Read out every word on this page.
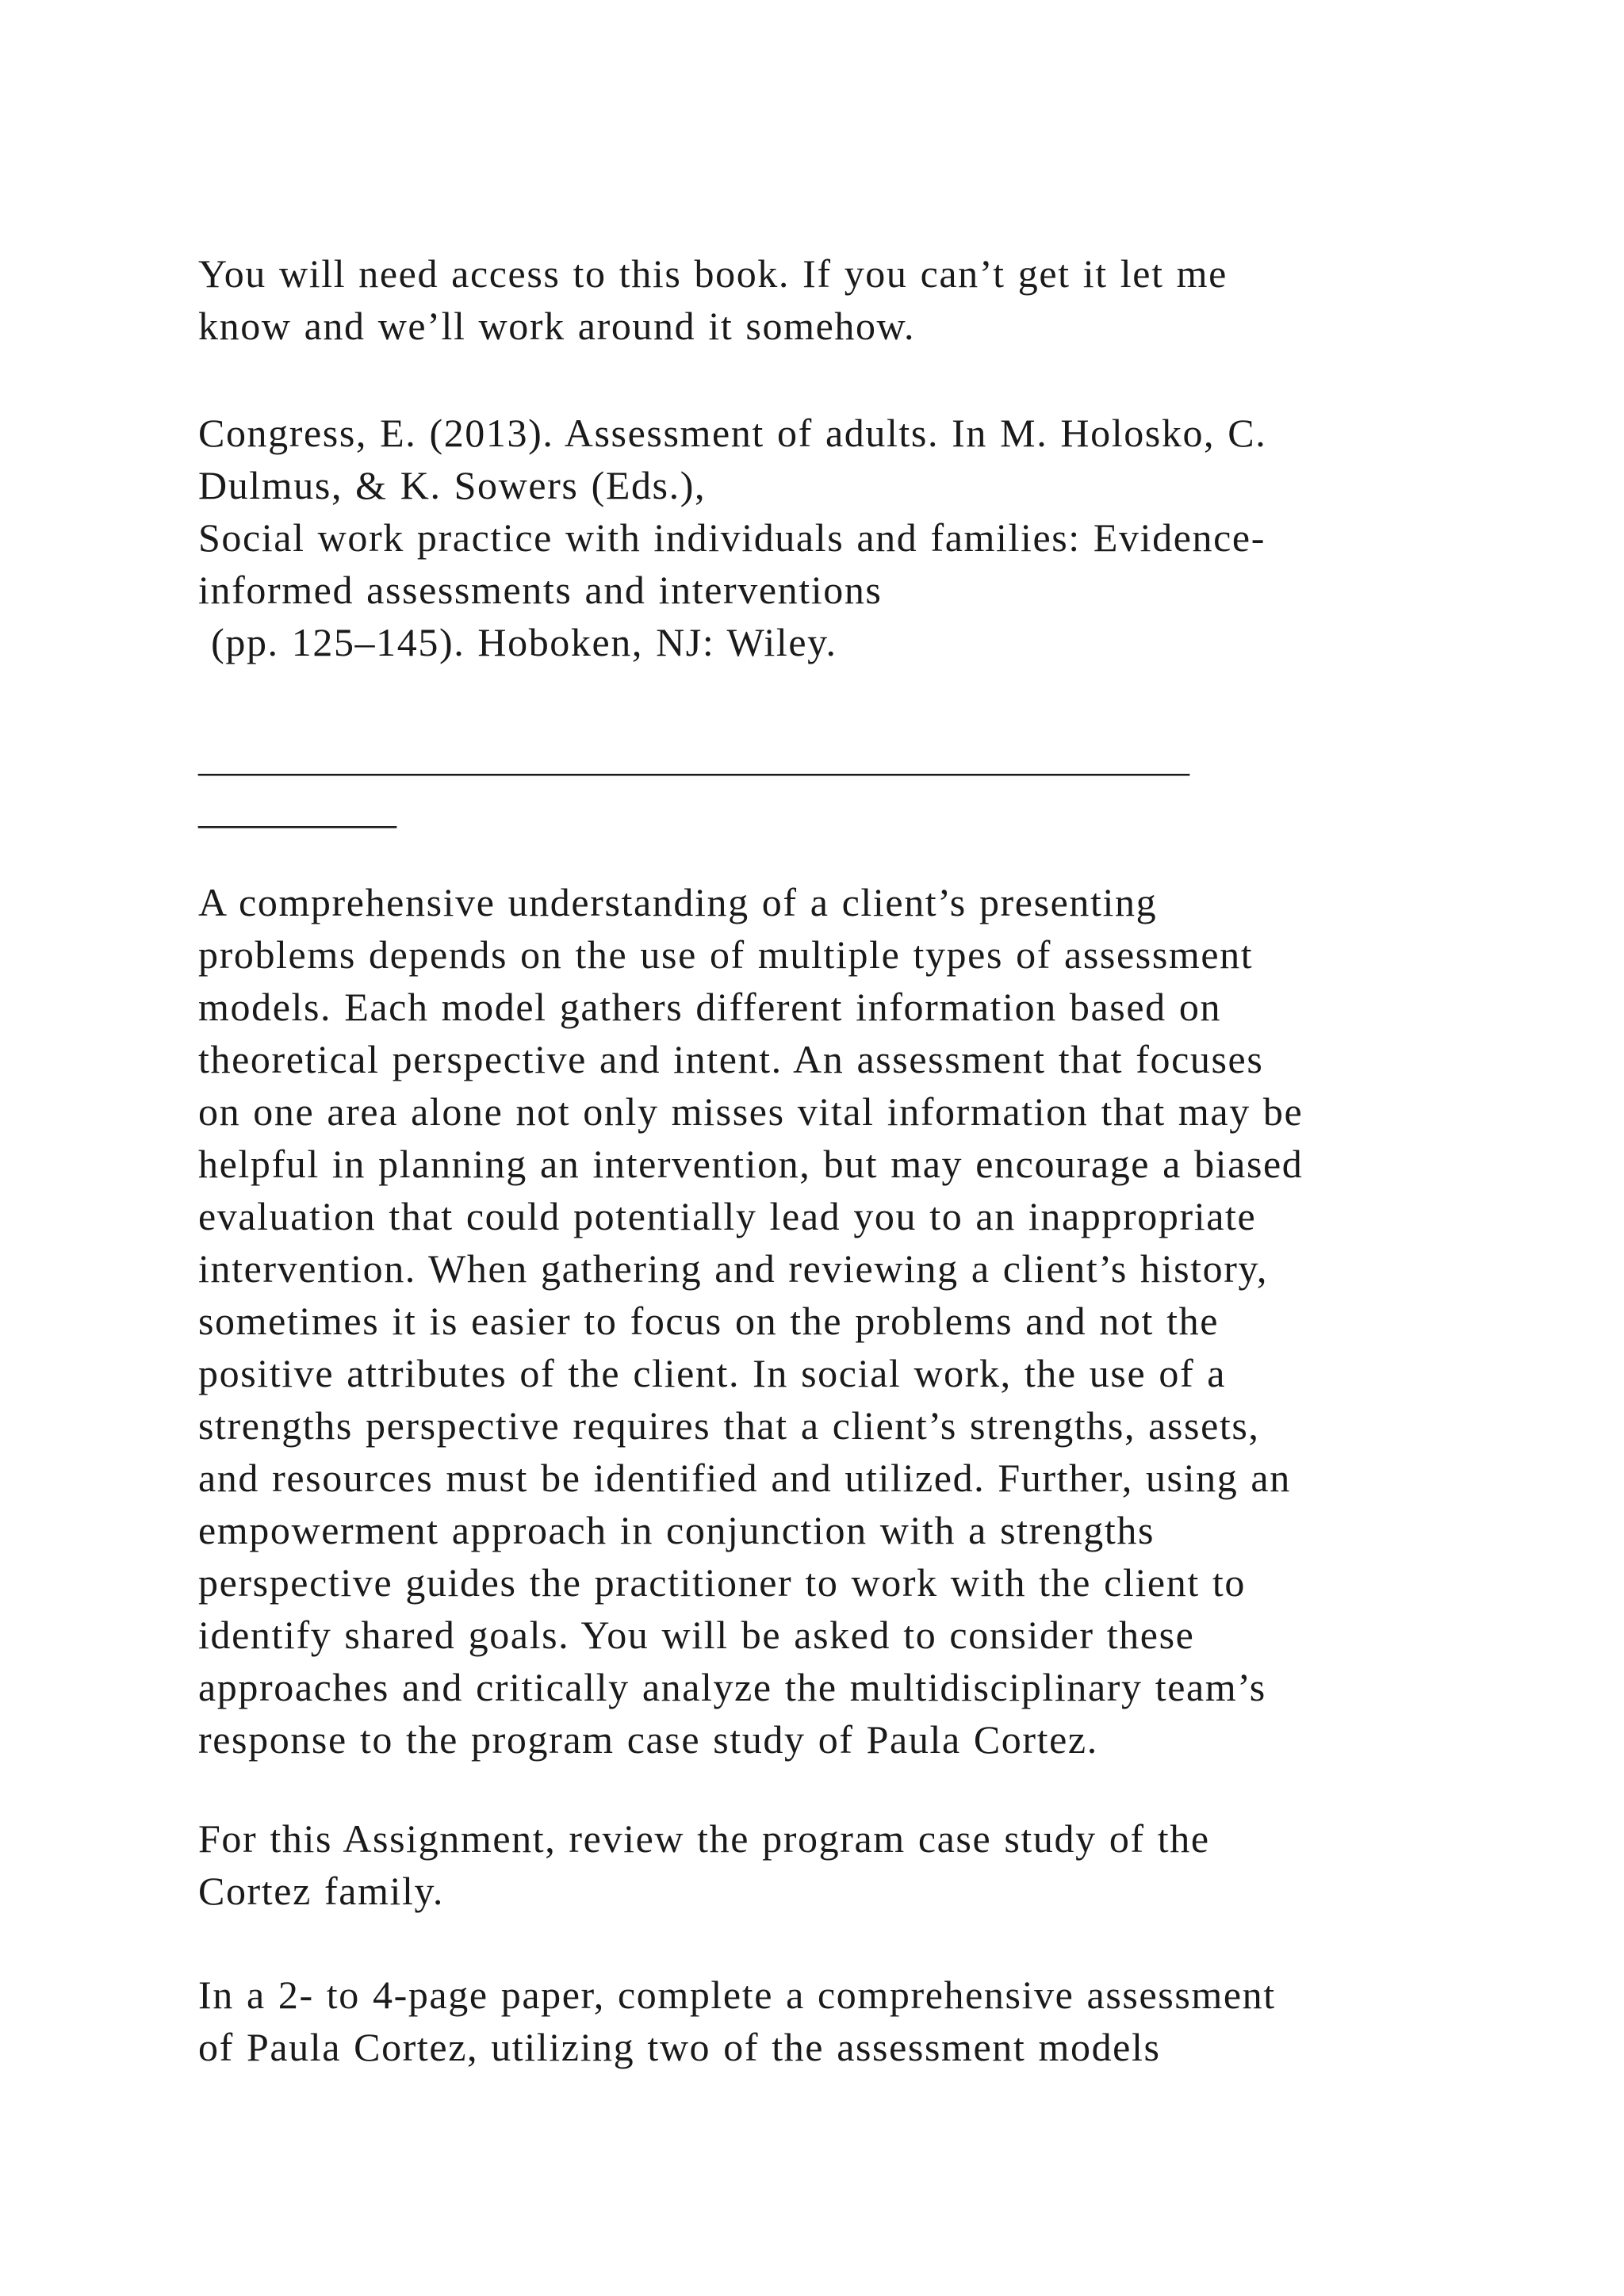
You will need access to this book. If you can’t get it let me
know and we’ll work around it somehow.
Congress, E. (2013). Assessment of adults. In M. Holosko, C.
Dulmus, & K. Sowers (Eds.),
Social work practice with individuals and families: Evidence-
informed assessments and interventions
(pp. 125–145). Hoboken, NJ: Wiley.
__________________________________________________
__________
A comprehensive understanding of a client’s presenting
problems depends on the use of multiple types of assessment
models. Each model gathers different information based on
theoretical perspective and intent. An assessment that focuses
on one area alone not only misses vital information that may be
helpful in planning an intervention, but may encourage a biased
evaluation that could potentially lead you to an inappropriate
intervention. When gathering and reviewing a client’s history,
sometimes it is easier to focus on the problems and not the
positive attributes of the client. In social work, the use of a
strengths perspective requires that a client’s strengths, assets,
and resources must be identified and utilized. Further, using an
empowerment approach in conjunction with a strengths
perspective guides the practitioner to work with the client to
identify shared goals. You will be asked to consider these
approaches and critically analyze the multidisciplinary team’s
response to the program case study of Paula Cortez.
For this Assignment, review the program case study of the
Cortez family.
In a 2- to 4-page paper, complete a comprehensive assessment
of Paula Cortez, utilizing two of the assessment models
